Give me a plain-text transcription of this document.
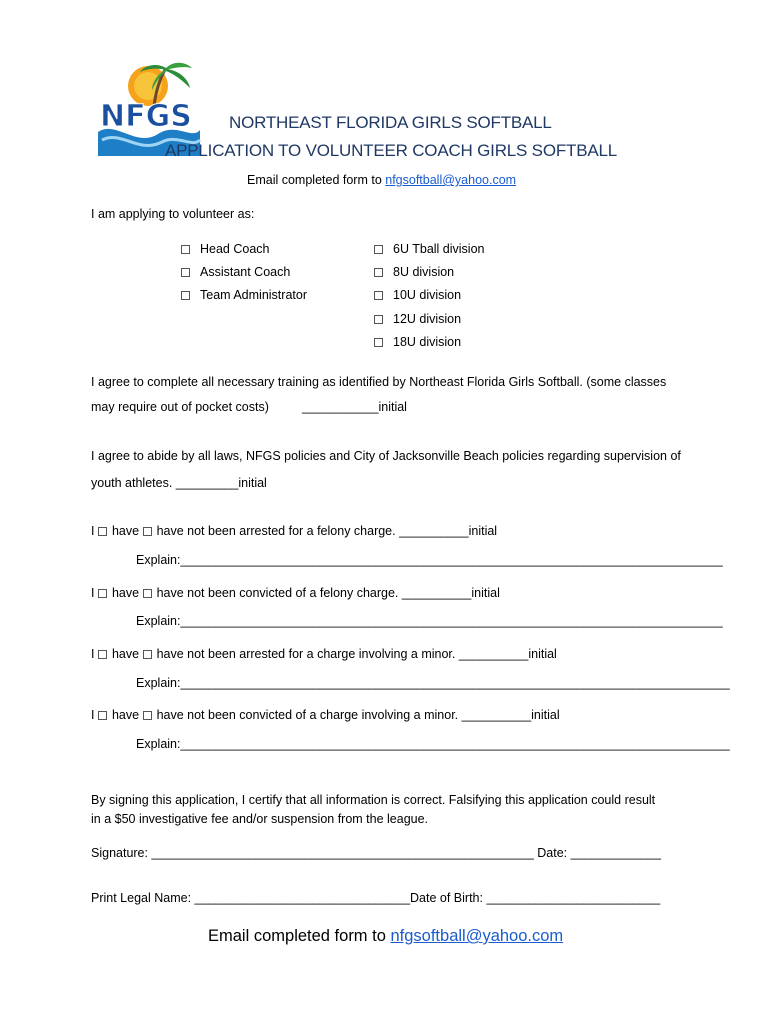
NFGS NORTHEAST FLORIDA GIRLS SOFTBALL
APPLICATION TO VOLUNTEER COACH GIRLS SOFTBALL
Email completed form to nfgsoftball@yahoo.com
I am applying to volunteer as:
Head Coach
Assistant Coach
Team Administrator
6U Tball division
8U division
10U division
12U division
18U division
I agree to complete all necessary training as identified by Northeast Florida Girls Softball. (some classes
may require out of pocket costs)	___________initial
I agree to abide by all laws, NFGS policies and City of Jacksonville Beach policies regarding supervision of
youth athletes. _________initial
I have have not been arrested for a felony charge. __________initial
Explain:______________________________________________________________________________
I have have not been convicted of a felony charge. __________initial
Explain:______________________________________________________________________________
I have have not been arrested for a charge involving a minor. __________initial
Explain:_______________________________________________________________________________
I have have not been convicted of a charge involving a minor. __________initial
Explain:_______________________________________________________________________________
By signing this application, I certify that all information is correct. Falsifying this application could result
in a $50 investigative fee and/or suspension from the league.
Signature: _______________________________________________________ Date: _____________
Print Legal Name: _______________________________Date of Birth: _________________________
Email completed form to nfgsoftball@yahoo.com
